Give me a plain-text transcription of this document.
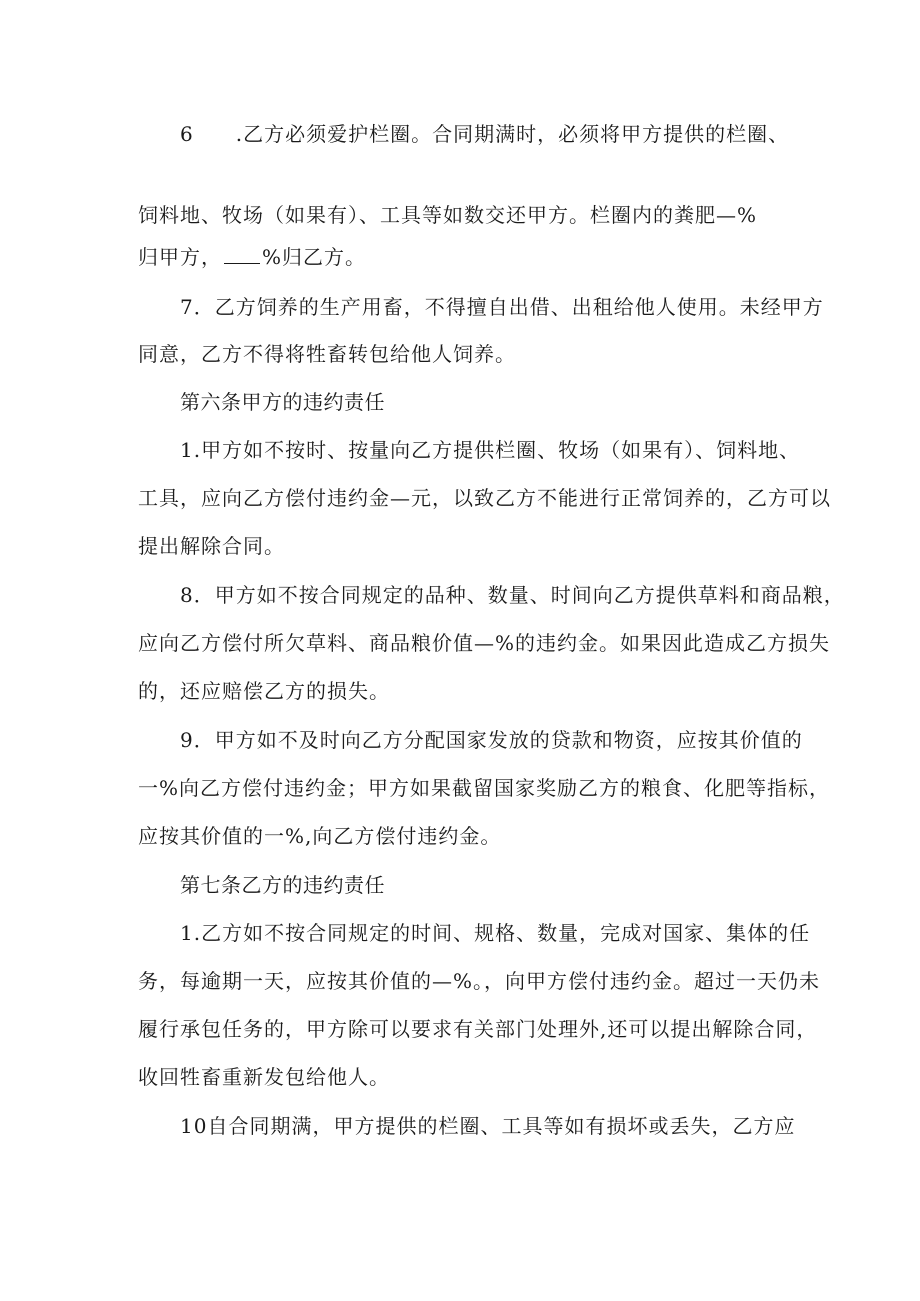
6　　.乙方必须爱护栏圈。合同期满时，必须将甲方提供的栏圈、
饲料地、牧场（如果有）、工具等如数交还甲方。栏圈内的粪肥—%
归甲方， %归乙方。
7．乙方饲养的生产用畜，不得擅自出借、出租给他人使用。未经甲方
同意，乙方不得将牲畜转包给他人饲养。
第六条甲方的违约责任
1.甲方如不按时、按量向乙方提供栏圈、牧场（如果有）、饲料地、
工具，应向乙方偿付违约金—元，以致乙方不能进行正常饲养的，乙方可以
提出解除合同。
8．甲方如不按合同规定的品种、数量、时间向乙方提供草料和商品粮，
应向乙方偿付所欠草料、商品粮价值—%的违约金。如果因此造成乙方损失
的，还应赔偿乙方的损失。
9．甲方如不及时向乙方分配国家发放的贷款和物资，应按其价值的
一%向乙方偿付违约金；甲方如果截留国家奖励乙方的粮食、化肥等指标，
应按其价值的一%,向乙方偿付违约金。
第七条乙方的违约责任
1.乙方如不按合同规定的时间、规格、数量，完成对国家、集体的任
务，每逾期一天，应按其价值的—%。，向甲方偿付违约金。超过一天仍未
履行承包任务的，甲方除可以要求有关部门处理外,还可以提出解除合同，
收回牲畜重新发包给他人。
10自合同期满，甲方提供的栏圈、工具等如有损坏或丢失，乙方应
